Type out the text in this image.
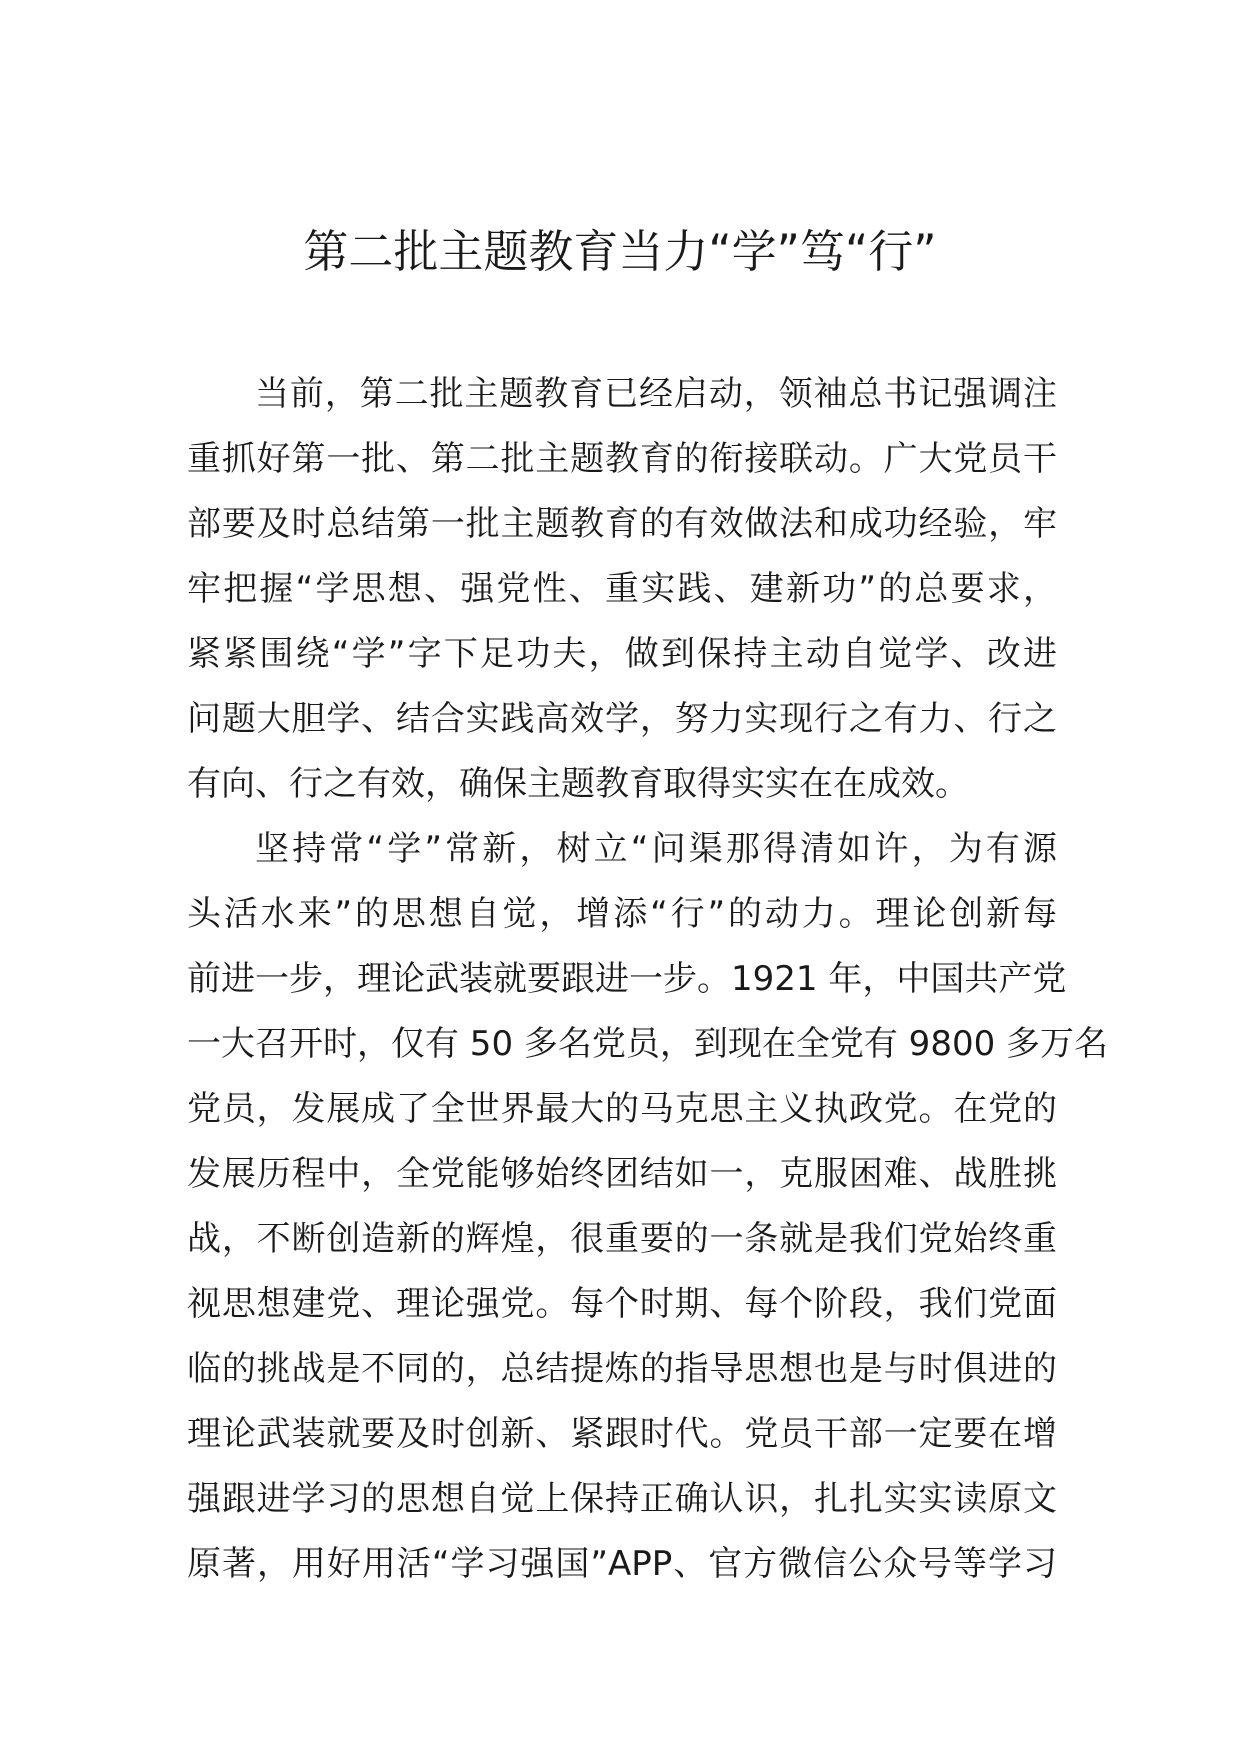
第二批主题教育当力“学”笃“行”

当前，第二批主题教育已经启动，领袖总书记强调注

重抓好第一批、第二批主题教育的衔接联动。广大党员干

部要及时总结第一批主题教育的有效做法和成功经验，牢

牢把握“学思想、强党性、重实践、建新功”的总要求，

紧紧围绕“学”字下足功夫，做到保持主动自觉学、改进

问题大胆学、结合实践高效学，努力实现行之有力、行之

有向、行之有效，确保主题教育取得实实在在成效。

坚持常“学”常新，树立“问渠那得清如许，为有源

头活水来”的思想自觉，增添“行”的动力。理论创新每

前进一步，理论武装就要跟进一步。1921 年，中国共产党

一大召开时，仅有 50 多名党员，到现在全党有 9800 多万名

党员，发展成了全世界最大的马克思主义执政党。在党的

发展历程中，全党能够始终团结如一，克服困难、战胜挑

战，不断创造新的辉煌，很重要的一条就是我们党始终重

视思想建党、理论强党。每个时期、每个阶段，我们党面

临的挑战是不同的，总结提炼的指导思想也是与时俱进的

理论武装就要及时创新、紧跟时代。党员干部一定要在增

强跟进学习的思想自觉上保持正确认识，扎扎实实读原文

原著，用好用活“学习强国”APP、官方微信公众号等学习
